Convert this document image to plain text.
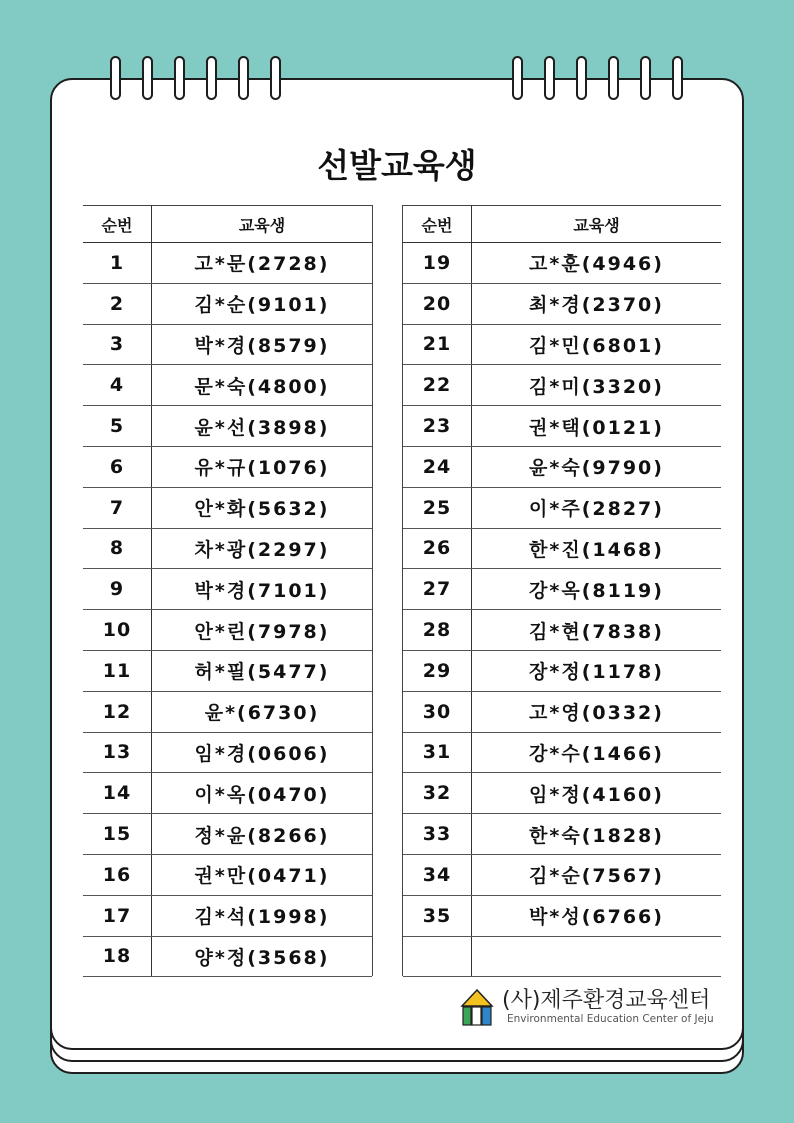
선발교육생
순번	교육생
1	고*문(2728)
2	김*순(9101)
3	박*경(8579)
4	문*숙(4800)
5	윤*선(3898)
6	유*규(1076)
7	안*화(5632)
8	차*광(2297)
9	박*경(7101)
10	안*린(7978)
11	허*필(5477)
12	윤*(6730)
13	임*경(0606)
14	이*옥(0470)
15	정*윤(8266)
16	권*만(0471)
17	김*석(1998)
18	양*정(3568)
순번	교육생
19	고*훈(4946)
20	최*경(2370)
21	김*민(6801)
22	김*미(3320)
23	권*택(0121)
24	윤*숙(9790)
25	이*주(2827)
26	한*진(1468)
27	강*옥(8119)
28	김*현(7838)
29	장*정(1178)
30	고*영(0332)
31	강*수(1466)
32	임*정(4160)
33	한*숙(1828)
34	김*순(7567)
35	박*성(6766)

(사)제주환경교육센터
Environmental Education Center of Jeju
